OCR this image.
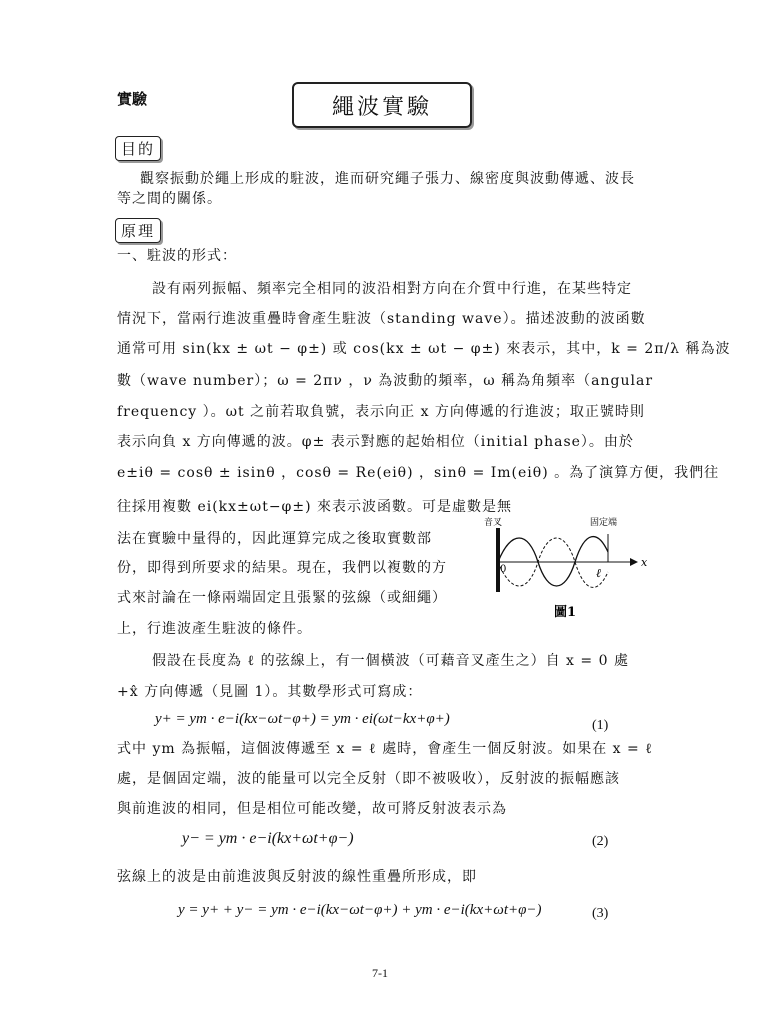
實驗	繩波實驗
目的
觀察振動於繩上形成的駐波，進而研究繩子張力、線密度與波動傳遞、波長
等之間的關係。
原理
一、駐波的形式：
設有兩列振幅、頻率完全相同的波沿相對方向在介質中行進，在某些特定
情況下，當兩行進波重疊時會產生駐波（standing wave）。描述波動的波函數
通常可用 sin(kx ± ωt − φ±) 或 cos(kx ± ωt − φ±) 來表示，其中，k = 2π/λ 稱為波
數（wave number）；ω = 2πν ，ν 為波動的頻率，ω 稱為角頻率（angular
frequency ）。ωt 之前若取負號，表示向正 x 方向傳遞的行進波；取正號時則
表示向負 x 方向傳遞的波。φ± 表示對應的起始相位（initial phase）。由於
e±iθ = cosθ ± isinθ ，cosθ = Re(eiθ) ，sinθ = Im(eiθ) 。為了演算方便，我們往
往採用複數 ei(kx±ωt−φ±) 來表示波函數。可是虛數是無
法在實驗中量得的，因此運算完成之後取實數部
份，即得到所要求的結果。現在，我們以複數的方
式來討論在一條兩端固定且張緊的弦線（或細繩）
上，行進波產生駐波的條件。
音叉	固定端
x
0	ℓ
圖1
假設在長度為 ℓ 的弦線上，有一個橫波（可藉音叉產生之）自 x = 0 處
+x̂ 方向傳遞（見圖 1）。其數學形式可寫成：
y+ = ym · e−i(kx−ωt−φ+) = ym · ei(ωt−kx+φ+)	(1)
式中 ym 為振幅，這個波傳遞至 x = ℓ 處時，會產生一個反射波。如果在 x = ℓ
處，是個固定端，波的能量可以完全反射（即不被吸收），反射波的振幅應該
與前進波的相同，但是相位可能改變，故可將反射波表示為
y− = ym · e−i(kx+ωt+φ−)	(2)
弦線上的波是由前進波與反射波的線性重疊所形成，即
y = y+ + y− = ym · e−i(kx−ωt−φ+) + ym · e−i(kx+ωt+φ−)	(3)
7-1
